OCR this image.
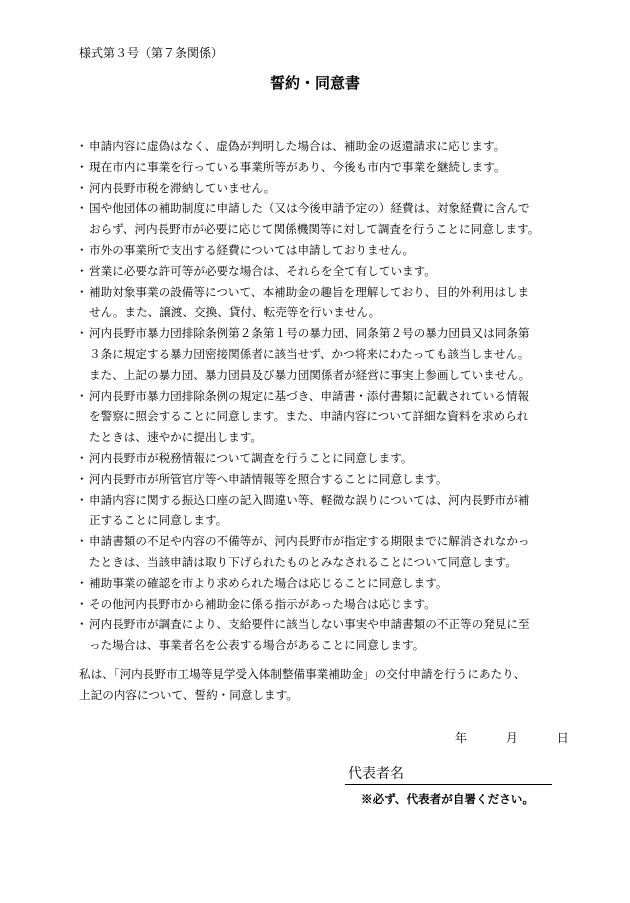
様式第３号（第７条関係）
誓約・同意書
・ 申請内容に虚偽はなく、虚偽が判明した場合は、補助金の返還請求に応じます。
・ 現在市内に事業を行っている事業所等があり、今後も市内で事業を継続します。
・ 河内長野市税を滞納していません。
・ 国や他団体の補助制度に申請した（又は今後申請予定の）経費は、対象経費に含んで
おらず、河内長野市が必要に応じて関係機関等に対して調査を行うことに同意します。
・ 市外の事業所で支出する経費については申請しておりません。
・ 営業に必要な許可等が必要な場合は、それらを全て有しています。
・ 補助対象事業の設備等について、本補助金の趣旨を理解しており、目的外利用はしま
せん。また、譲渡、交換、貸付、転売等を行いません。
・ 河内長野市暴力団排除条例第２条第１号の暴力団、同条第２号の暴力団員又は同条第
３条に規定する暴力団密接関係者に該当せず、かつ将来にわたっても該当しません。
また、上記の暴力団、暴力団員及び暴力団関係者が経営に事実上参画していません。
・ 河内長野市暴力団排除条例の規定に基づき、申請書・添付書類に記載されている情報
を警察に照会することに同意します。また、申請内容について詳細な資料を求められ
たときは、速やかに提出します。
・ 河内長野市が税務情報について調査を行うことに同意します。
・ 河内長野市が所管官庁等へ申請情報等を照合することに同意します。
・ 申請内容に関する振込口座の記入間違い等、軽微な誤りについては、河内長野市が補
正することに同意します。
・ 申請書類の不足や内容の不備等が、河内長野市が指定する期限までに解消されなかっ
たときは、当該申請は取り下げられたものとみなされることについて同意します。
・ 補助事業の確認を市より求められた場合は応じることに同意します。
・ その他河内長野市から補助金に係る指示があった場合は応じます。
・ 河内長野市が調査により、支給要件に該当しない事実や申請書類の不正等の発見に至
った場合は、事業者名を公表する場合があることに同意します。
私は、「河内長野市工場等見学受入体制整備事業補助金」の交付申請を行うにあたり、
上記の内容について、誓約・同意します。
年	月	日
代表者名
※必ず、代表者が自署ください。
